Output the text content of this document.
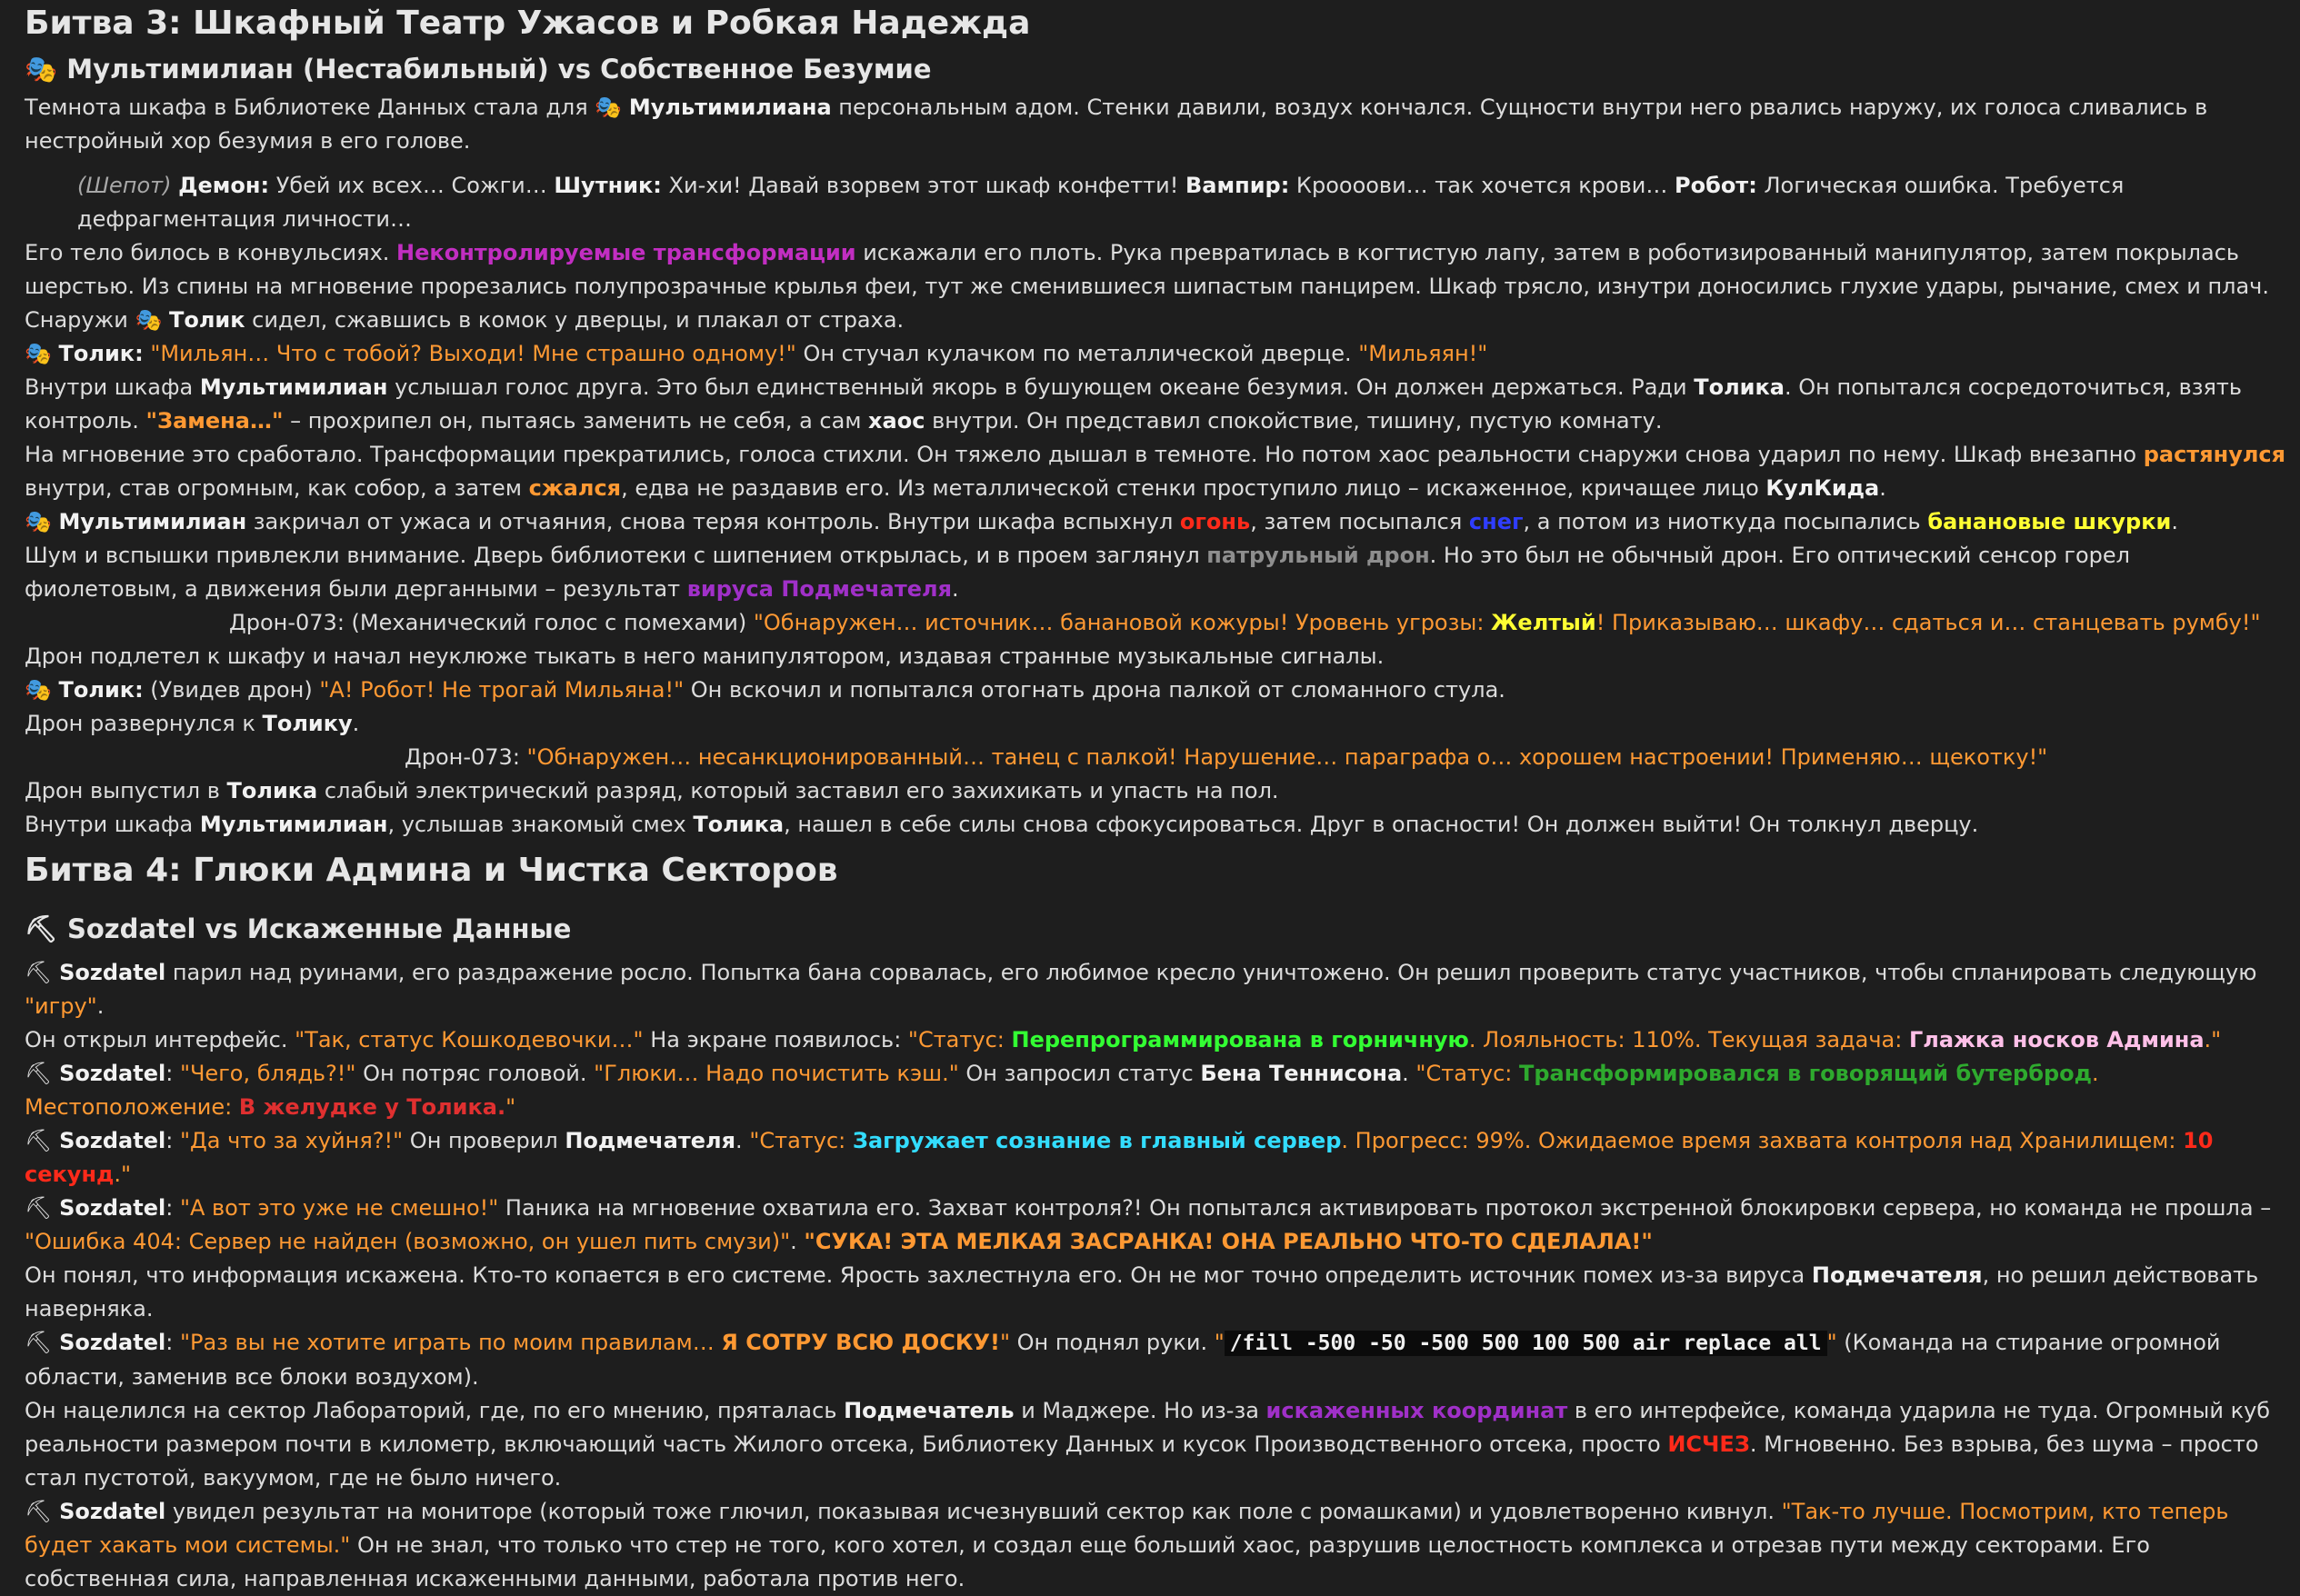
Битва 3: Шкафный Театр Ужасов и Робкая Надежда
🎭 Мультимилиан (Нестабильный) vs Собственное Безумие

Темнота шкафа в Библиотеке Данных стала для 🎭 Мультимилиана персональным адом. Стенки давили, воздух кончался. Сущности внутри него рвались наружу, их голоса сливались в нестройный хор безумия в его голове.

(Шепот) Демон: Убей их всех… Сожги… Шутник: Хи-хи! Давай взорвем этот шкаф конфетти! Вампир: Кроооови… так хочется крови… Робот: Логическая ошибка. Требуется дефрагментация личности…

Его тело билось в конвульсиях. Неконтролируемые трансформации искажали его плоть. Рука превратилась в когтистую лапу, затем в роботизированный манипулятор, затем покрылась шерстью. Из спины на мгновение прорезались полупрозрачные крылья феи, тут же сменившиеся шипастым панцирем. Шкаф трясло, изнутри доносились глухие удары, рычание, смех и плач.

Снаружи 🎭 Толик сидел, сжавшись в комок у дверцы, и плакал от страха.

🎭 Толик: "Мильян… Что с тобой? Выходи! Мне страшно одному!" Он стучал кулачком по металлической дверце. "Мильяян!"

Внутри шкафа Мультимилиан услышал голос друга. Это был единственный якорь в бушующем океане безумия. Он должен держаться. Ради Толика. Он попытался сосредоточиться, взять контроль. "Замена…" – прохрипел он, пытаясь заменить не себя, а сам хаос внутри. Он представил спокойствие, тишину, пустую комнату.

На мгновение это сработало. Трансформации прекратились, голоса стихли. Он тяжело дышал в темноте. Но потом хаос реальности снаружи снова ударил по нему. Шкаф внезапно растянулся внутри, став огромным, как собор, а затем сжался, едва не раздавив его. Из металлической стенки проступило лицо – искаженное, кричащее лицо КулКида.

🎭 Мультимилиан закричал от ужаса и отчаяния, снова теряя контроль. Внутри шкафа вспыхнул огонь, затем посыпался снег, а потом из ниоткуда посыпались банановые шкурки.

Шум и вспышки привлекли внимание. Дверь библиотеки с шипением открылась, и в проем заглянул патрульный дрон. Но это был не обычный дрон. Его оптический сенсор горел фиолетовым, а движения были дерганными – результат вируса Подмечателя.

Дрон-073: (Механический голос с помехами) "Обнаружен… источник… банановой кожуры! Уровень угрозы: Желтый! Приказываю… шкафу… сдаться и… станцевать румбу!"

Дрон подлетел к шкафу и начал неуклюже тыкать в него манипулятором, издавая странные музыкальные сигналы.

🎭 Толик: (Увидев дрон) "А! Робот! Не трогай Мильяна!" Он вскочил и попытался отогнать дрона палкой от сломанного стула.

Дрон развернулся к Толику.

Дрон-073: "Обнаружен… несанкционированный… танец с палкой! Нарушение… параграфа о… хорошем настроении! Применяю… щекотку!"

Дрон выпустил в Толика слабый электрический разряд, который заставил его захихикать и упасть на пол.

Внутри шкафа Мультимилиан, услышав знакомый смех Толика, нашел в себе силы снова сфокусироваться. Друг в опасности! Он должен выйти! Он толкнул дверцу.

Битва 4: Глюки Админа и Чистка Секторов
⛏ Sozdatel vs Искаженные Данные

⛏ Sozdatel парил над руинами, его раздражение росло. Попытка бана сорвалась, его любимое кресло уничтожено. Он решил проверить статус участников, чтобы спланировать следующую "игру".

Он открыл интерфейс. "Так, статус Кошкодевочки…" На экране появилось: "Статус: Перепрограммирована в горничную. Лояльность: 110%. Текущая задача: Глажка носков Админа."

⛏ Sozdatel: "Чего, блядь?!" Он потряс головой. "Глюки… Надо почистить кэш." Он запросил статус Бена Теннисона. "Статус: Трансформировался в говорящий бутерброд. Местоположение: В желудке у Толика."

⛏ Sozdatel: "Да что за хуйня?!" Он проверил Подмечателя. "Статус: Загружает сознание в главный сервер. Прогресс: 99%. Ожидаемое время захвата контроля над Хранилищем: 10 секунд."

⛏ Sozdatel: "А вот это уже не смешно!" Паника на мгновение охватила его. Захват контроля?! Он попытался активировать протокол экстренной блокировки сервера, но команда не прошла – "Ошибка 404: Сервер не найден (возможно, он ушел пить смузи)". "СУКА! ЭТА МЕЛКАЯ ЗАСРАНКА! ОНА РЕАЛЬНО ЧТО-ТО СДЕЛАЛА!"

Он понял, что информация искажена. Кто-то копается в его системе. Ярость захлестнула его. Он не мог точно определить источник помех из-за вируса Подмечателя, но решил действовать наверняка.

⛏ Sozdatel: "Раз вы не хотите играть по моим правилам… Я СОТРУ ВСЮ ДОСКУ!" Он поднял руки. " /fill -500 -50 -500 500 100 500 air replace all " (Команда на стирание огромной области, заменив все блоки воздухом).

Он нацелился на сектор Лабораторий, где, по его мнению, пряталась Подмечатель и Маджере. Но из-за искаженных координат в его интерфейсе, команда ударила не туда. Огромный куб реальности размером почти в километр, включающий часть Жилого отсека, Библиотеку Данных и кусок Производственного отсека, просто ИСЧЕЗ. Мгновенно. Без взрыва, без шума – просто стал пустотой, вакуумом, где не было ничего.

⛏ Sozdatel увидел результат на мониторе (который тоже глючил, показывая исчезнувший сектор как поле с ромашками) и удовлетворенно кивнул. "Так-то лучше. Посмотрим, кто теперь будет хакать мои системы." Он не знал, что только что стер не того, кого хотел, и создал еще больший хаос, разрушив целостность комплекса и отрезав пути между секторами. Его собственная сила, направленная искаженными данными, работала против него.
